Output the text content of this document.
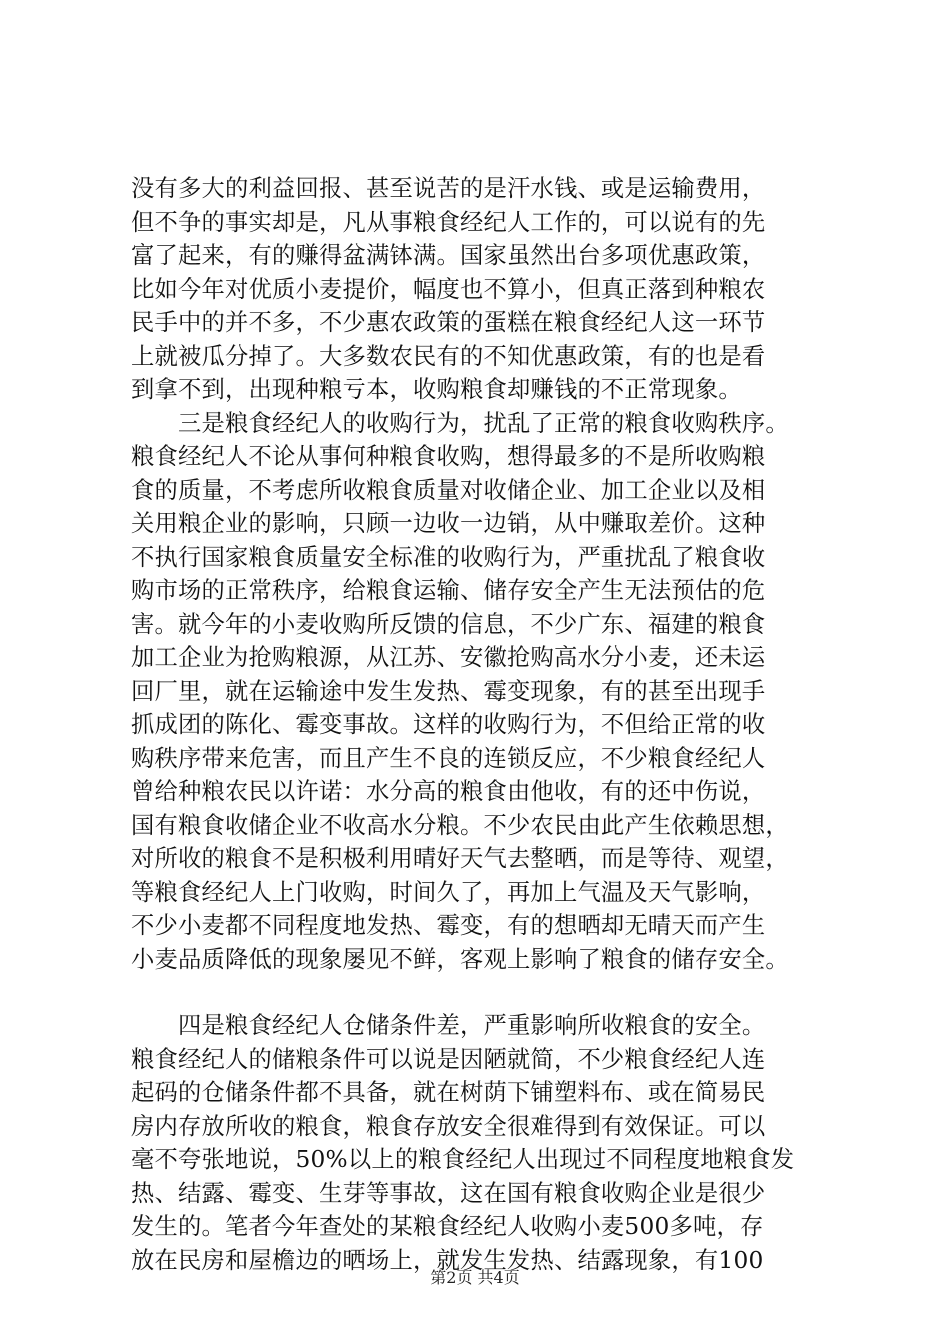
没有多大的利益回报、甚至说苦的是汗水钱、或是运输费用，
但不争的事实却是，凡从事粮食经纪人工作的，可以说有的先
富了起来，有的赚得盆满钵满。国家虽然出台多项优惠政策，
比如今年对优质小麦提价，幅度也不算小，但真正落到种粮农
民手中的并不多，不少惠农政策的蛋糕在粮食经纪人这一环节
上就被瓜分掉了。大多数农民有的不知优惠政策，有的也是看
到拿不到，出现种粮亏本，收购粮食却赚钱的不正常现象。
三是粮食经纪人的收购行为，扰乱了正常的粮食收购秩序。
粮食经纪人不论从事何种粮食收购，想得最多的不是所收购粮
食的质量，不考虑所收粮食质量对收储企业、加工企业以及相
关用粮企业的影响，只顾一边收一边销，从中赚取差价。这种
不执行国家粮食质量安全标准的收购行为，严重扰乱了粮食收
购市场的正常秩序，给粮食运输、储存安全产生无法预估的危
害。就今年的小麦收购所反馈的信息，不少广东、福建的粮食
加工企业为抢购粮源，从江苏、安徽抢购高水分小麦，还未运
回厂里，就在运输途中发生发热、霉变现象，有的甚至出现手
抓成团的陈化、霉变事故。这样的收购行为，不但给正常的收
购秩序带来危害，而且产生不良的连锁反应，不少粮食经纪人
曾给种粮农民以许诺：水分高的粮食由他收，有的还中伤说，
国有粮食收储企业不收高水分粮。不少农民由此产生依赖思想，
对所收的粮食不是积极利用晴好天气去整晒，而是等待、观望，
等粮食经纪人上门收购，时间久了，再加上气温及天气影响，
不少小麦都不同程度地发热、霉变，有的想晒却无晴天而产生
小麦品质降低的现象屡见不鲜，客观上影响了粮食的储存安全。
四是粮食经纪人仓储条件差，严重影响所收粮食的安全。
粮食经纪人的储粮条件可以说是因陋就简，不少粮食经纪人连
起码的仓储条件都不具备，就在树荫下铺塑料布、或在简易民
房内存放所收的粮食，粮食存放安全很难得到有效保证。可以
毫不夸张地说，50%以上的粮食经纪人出现过不同程度地粮食发
热、结露、霉变、生芽等事故，这在国有粮食收购企业是很少
发生的。笔者今年查处的某粮食经纪人收购小麦500多吨，存
放在民房和屋檐边的晒场上，就发生发热、结露现象，有100
第2页 共4页
